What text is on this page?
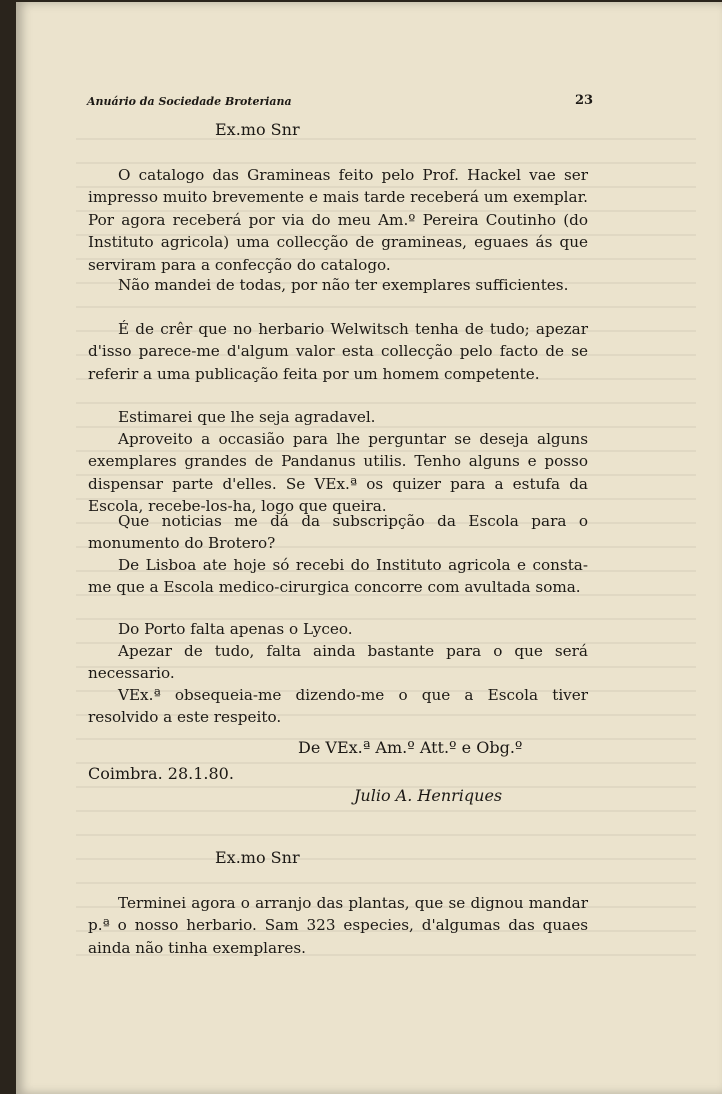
Anuário da Sociedade Broteriana	23
Ex.mo Snr

O catalogo das Gramineas feito pelo Prof. Hackel vae ser impresso muito brevemente e mais tarde receberá um exemplar. Por agora receberá por via do meu Am.º Pereira Coutinho (do Instituto agricola) uma collecção de gramineas, eguaes ás que serviram para a confecção do catalogo.

Não mandei de todas, por não ter exemplares sufficientes.

É de crêr que no herbario Welwitsch tenha de tudo; apezar d'isso parece-me d'algum valor esta collecção pelo facto de se referir a uma publicação feita por um homem competente.

Estimarei que lhe seja agradavel.

Aproveito a occasião para lhe perguntar se deseja alguns exemplares grandes de Pandanus utilis. Tenho alguns e posso dispensar parte d'elles. Se VEx.ª os quizer para a estufa da Escola, recebe-los-ha, logo que queira.

Que noticias me dá da subscripção da Escola para o monumento do Brotero?

De Lisboa ate hoje só recebi do Instituto agricola e consta-me que a Escola medico-cirurgica concorre com avultada soma.

Do Porto falta apenas o Lyceo.

Apezar de tudo, falta ainda bastante para o que será necessario.

VEx.ª obsequeia-me dizendo-me o que a Escola tiver resolvido a este respeito.

De VEx.ª Am.º Att.º e Obg.º
Coimbra. 28.1.80.
Julio A. Henriques
Ex.mo Snr

Terminei agora o arranjo das plantas, que se dignou mandar p.ª o nosso herbario. Sam 323 especies, d'algumas das quaes ainda não tinha exemplares.
